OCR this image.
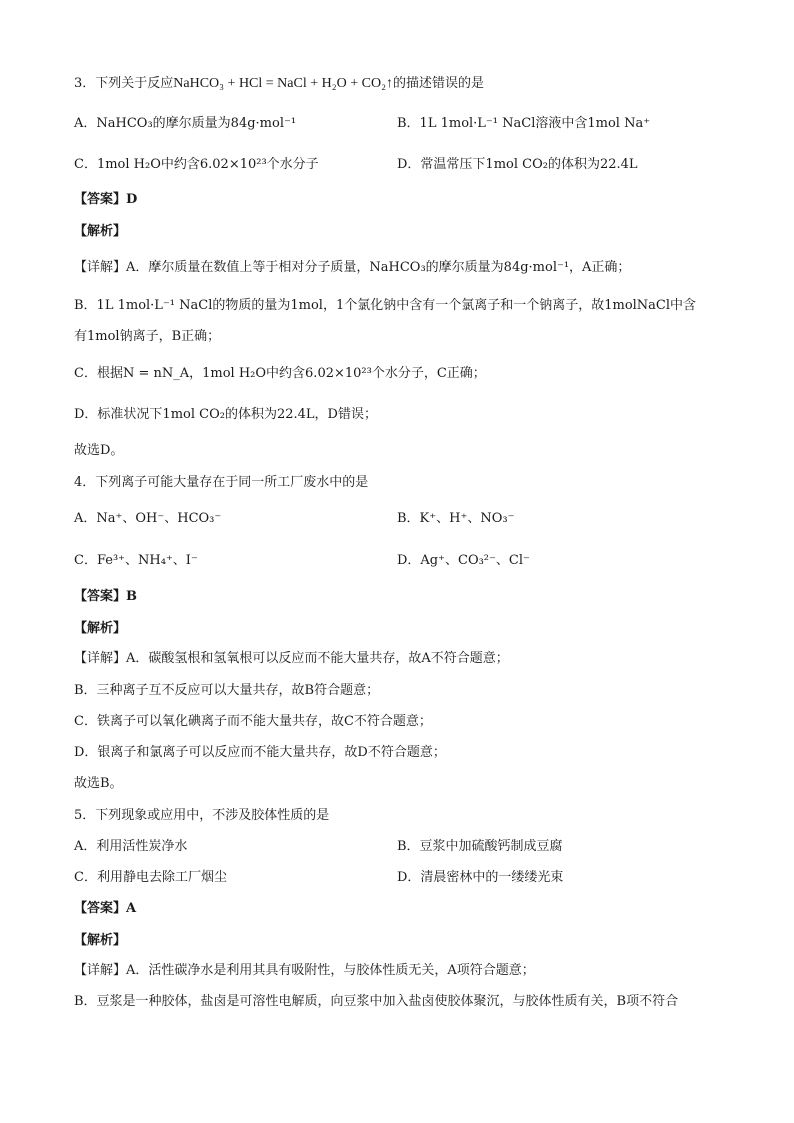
3．下列关于反应NaHCO₃ + HCl = NaCl + H₂O + CO₂↑的描述错误的是
A．NaHCO₃的摩尔质量为84g·mol⁻¹	B．1L 1mol·L⁻¹ NaCl溶液中含1mol Na⁺
C．1mol H₂O中约含6.02×10²³个水分子	D．常温常压下1mol CO₂的体积为22.4L
【答案】D
【解析】
【详解】A．摩尔质量在数值上等于相对分子质量，NaHCO₃的摩尔质量为84g·mol⁻¹，A正确；
B．1L 1mol·L⁻¹ NaCl的物质的量为1mol，1个氯化钠中含有一个氯离子和一个钠离子，故1molNaCl中含
有1mol钠离子，B正确；
C．根据N = nN_A，1mol H₂O中约含6.02×10²³个水分子，C正确；
D．标准状况下1mol CO₂的体积为22.4L，D错误；
故选D。
4．下列离子可能大量存在于同一所工厂废水中的是
A．Na⁺、OH⁻、HCO₃⁻	B．K⁺、H⁺、NO₃⁻
C．Fe³⁺、NH₄⁺、I⁻	D．Ag⁺、CO₃²⁻、Cl⁻
【答案】B
【解析】
【详解】A．碳酸氢根和氢氧根可以反应而不能大量共存，故A不符合题意；
B．三种离子互不反应可以大量共存，故B符合题意；
C．铁离子可以氧化碘离子而不能大量共存，故C不符合题意；
D．银离子和氯离子可以反应而不能大量共存，故D不符合题意；
故选B。
5．下列现象或应用中，不涉及胶体性质的是
A．利用活性炭净水	B．豆浆中加硫酸钙制成豆腐
C．利用静电去除工厂烟尘	D．清晨密林中的一缕缕光束
【答案】A
【解析】
【详解】A．活性碳净水是利用其具有吸附性，与胶体性质无关，A项符合题意；
B．豆浆是一种胶体，盐卤是可溶性电解质，向豆浆中加入盐卤使胶体聚沉，与胶体性质有关，B项不符合
